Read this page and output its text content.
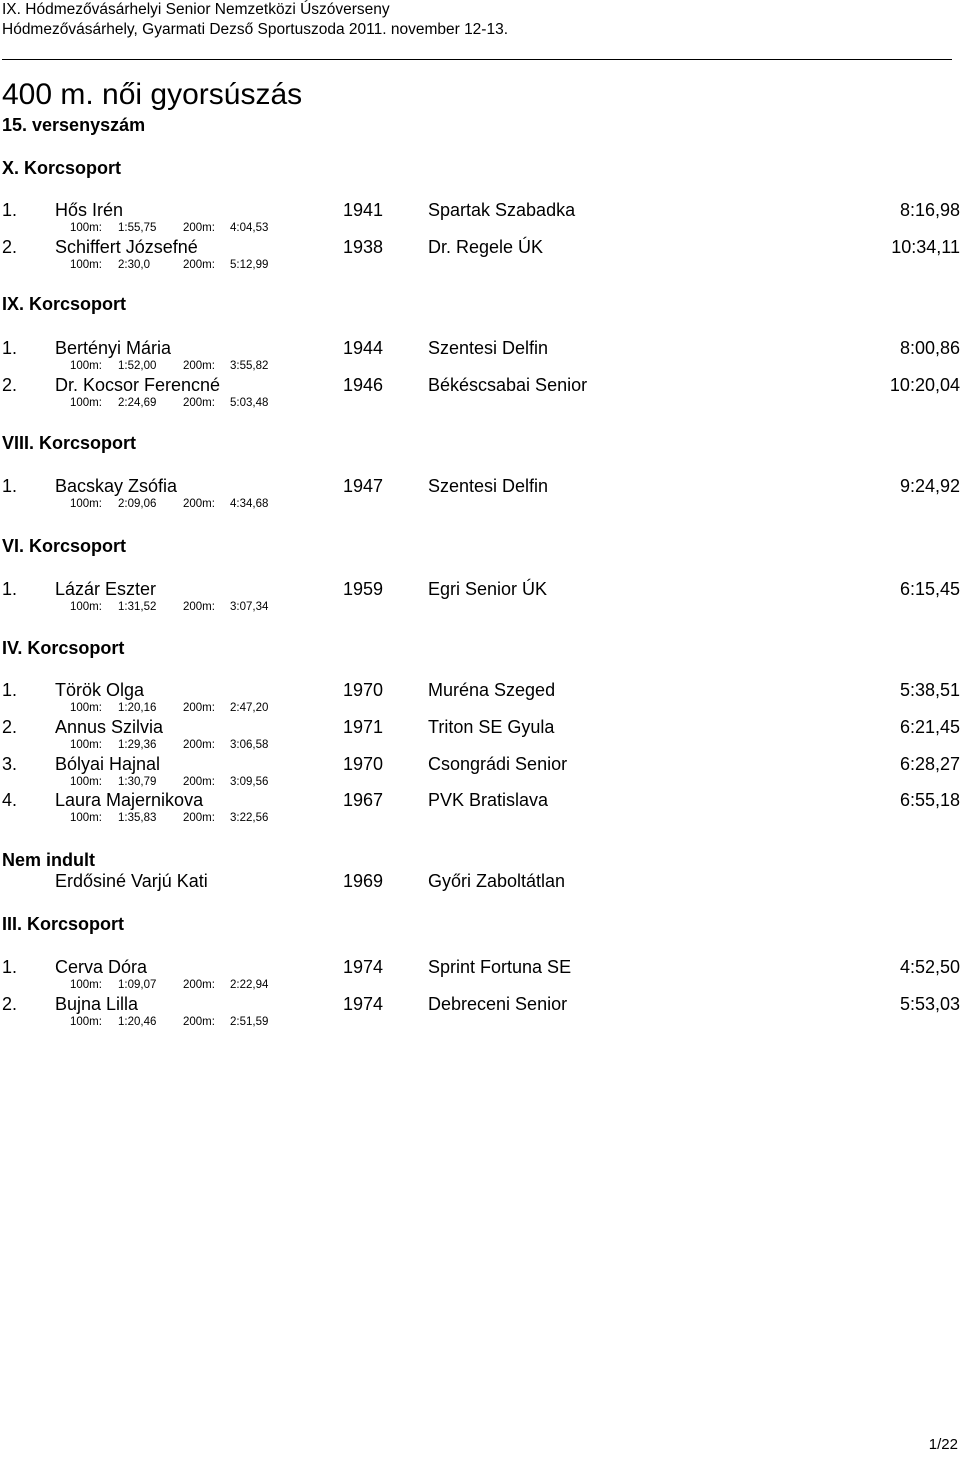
IX. Hódmezővásárhelyi Senior Nemzetközi Úszóverseny
Hódmezővásárhely, Gyarmati Dezső Sportuszoda 2011. november 12-13.
400 m. női gyorsúszás
15. versenyszám
X. Korcsoport
1. Hős Irén	1941 Spartak Szabadka	8:16,98
100m: 1:55,75 200m: 4:04,53
2. Schiffert Józsefné	1938 Dr. Regele ÚK	10:34,11
100m: 2:30,0	200m: 5:12,99
IX. Korcsoport
1. Bertényi Mária	1944 Szentesi Delfin	8:00,86
100m: 1:52,00 200m: 3:55,82
2. Dr. Kocsor Ferencné	1946 Békéscsabai Senior	10:20,04
100m: 2:24,69 200m: 5:03,48
VIII. Korcsoport
1. Bacskay Zsófia	1947 Szentesi Delfin	9:24,92
100m: 2:09,06 200m: 4:34,68
VI. Korcsoport
1. Lázár Eszter	1959 Egri Senior ÚK	6:15,45
100m: 1:31,52 200m: 3:07,34
IV. Korcsoport
1. Török Olga	1970 Muréna Szeged	5:38,51
100m: 1:20,16 200m: 2:47,20
2. Annus Szilvia	1971 Triton SE Gyula	6:21,45
100m: 1:29,36 200m: 3:06,58
3. Bólyai Hajnal	1970 Csongrádi Senior	6:28,27
100m: 1:30,79 200m: 3:09,56
4. Laura Majernikova	1967 PVK Bratislava	6:55,18
100m: 1:35,83 200m: 3:22,56
Nem indult
Erdősiné Varjú Kati	1969 Győri Zaboltátlan
III. Korcsoport
1. Cerva Dóra	1974 Sprint Fortuna SE	4:52,50
100m: 1:09,07 200m: 2:22,94
2. Bujna Lilla	1974 Debreceni Senior	5:53,03
100m: 1:20,46 200m: 2:51,59
1/22
